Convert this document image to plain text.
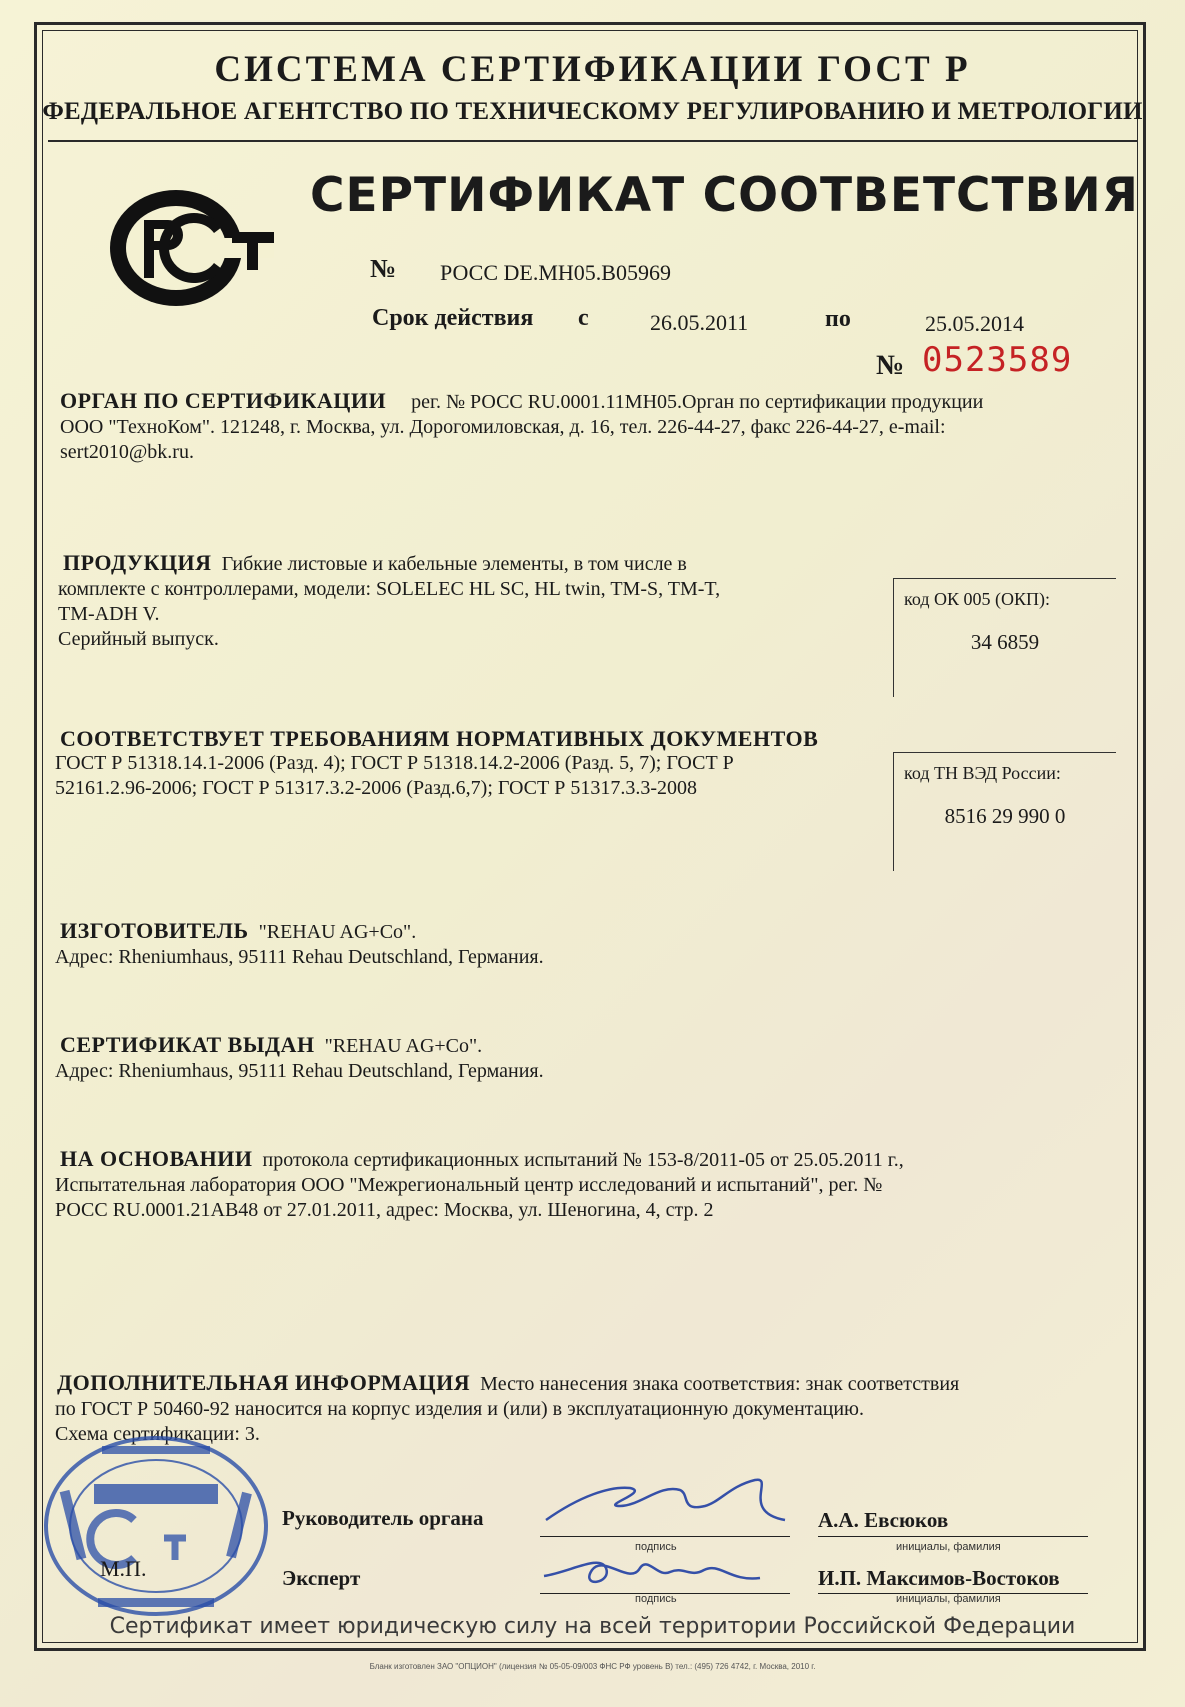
СИСТЕМА СЕРТИФИКАЦИИ ГОСТ Р
ФЕДЕРАЛЬНОЕ АГЕНТСТВО ПО ТЕХНИЧЕСКОМУ РЕГУЛИРОВАНИЮ И МЕТРОЛОГИИ
СЕРТИФИКАТ СООТВЕТСТВИЯ
№ РОСС DE.MH05.B05969
Срок действия с	26.05.2011	по	25.05.2014
№ 0523589
ОРГАН ПО СЕРТИФИКАЦИИ рег. № РОСС RU.0001.11МН05.Орган по сертификации продукции
ООО "ТехноКом". 121248, г. Москва, ул. Дорогомиловская, д. 16, тел. 226-44-27, факс 226-44-27, e-mail:
sert2010@bk.ru.
ПРОДУКЦИЯ Гибкие листовые и кабельные элементы, в том числе в
комплекте с контроллерами, модели: SOLELEC HL SC, HL twin, TM-S, TM-T,
TM-ADH V.
Серийный выпуск.
код ОК 005 (ОКП):
34 6859
СООТВЕТСТВУЕТ ТРЕБОВАНИЯМ НОРМАТИВНЫХ ДОКУМЕНТОВ
ГОСТ Р 51318.14.1-2006 (Разд. 4); ГОСТ Р 51318.14.2-2006 (Разд. 5, 7); ГОСТ Р
52161.2.96-2006; ГОСТ Р 51317.3.2-2006 (Разд.6,7); ГОСТ Р 51317.3.3-2008
код ТН ВЭД России:
8516 29 990 0
ИЗГОТОВИТЕЛЬ "REHAU AG+Co".
Адрес: Rheniumhaus, 95111 Rehau Deutschland, Германия.
СЕРТИФИКАТ ВЫДАН "REHAU AG+Co".
Адрес: Rheniumhaus, 95111 Rehau Deutschland, Германия.
НА ОСНОВАНИИ протокола сертификационных испытаний № 153-8/2011-05 от 25.05.2011 г.,
Испытательная лаборатория ООО "Межрегиональный центр исследований и испытаний", рег. №
РОСС RU.0001.21АВ48 от 27.01.2011, адрес: Москва, ул. Шеногина, 4, стр. 2
ДОПОЛНИТЕЛЬНАЯ ИНФОРМАЦИЯ Место нанесения знака соответствия: знак соответствия
по ГОСТ Р 50460-92 наносится на корпус изделия и (или) в эксплуатационную документацию.
Схема сертификации: 3.
М.П.
Руководитель органа
подпись
А.А. Евсюков
инициалы, фамилия
Эксперт
подпись
И.П. Максимов-Востоков
инициалы, фамилия
Сертификат имеет юридическую силу на всей территории Российской Федерации
Бланк изготовлен ЗАО "ОПЦИОН" (лицензия № 05-05-09/003 ФНС РФ уровень В) тел.: (495) 726 4742, г. Москва, 2010 г.
